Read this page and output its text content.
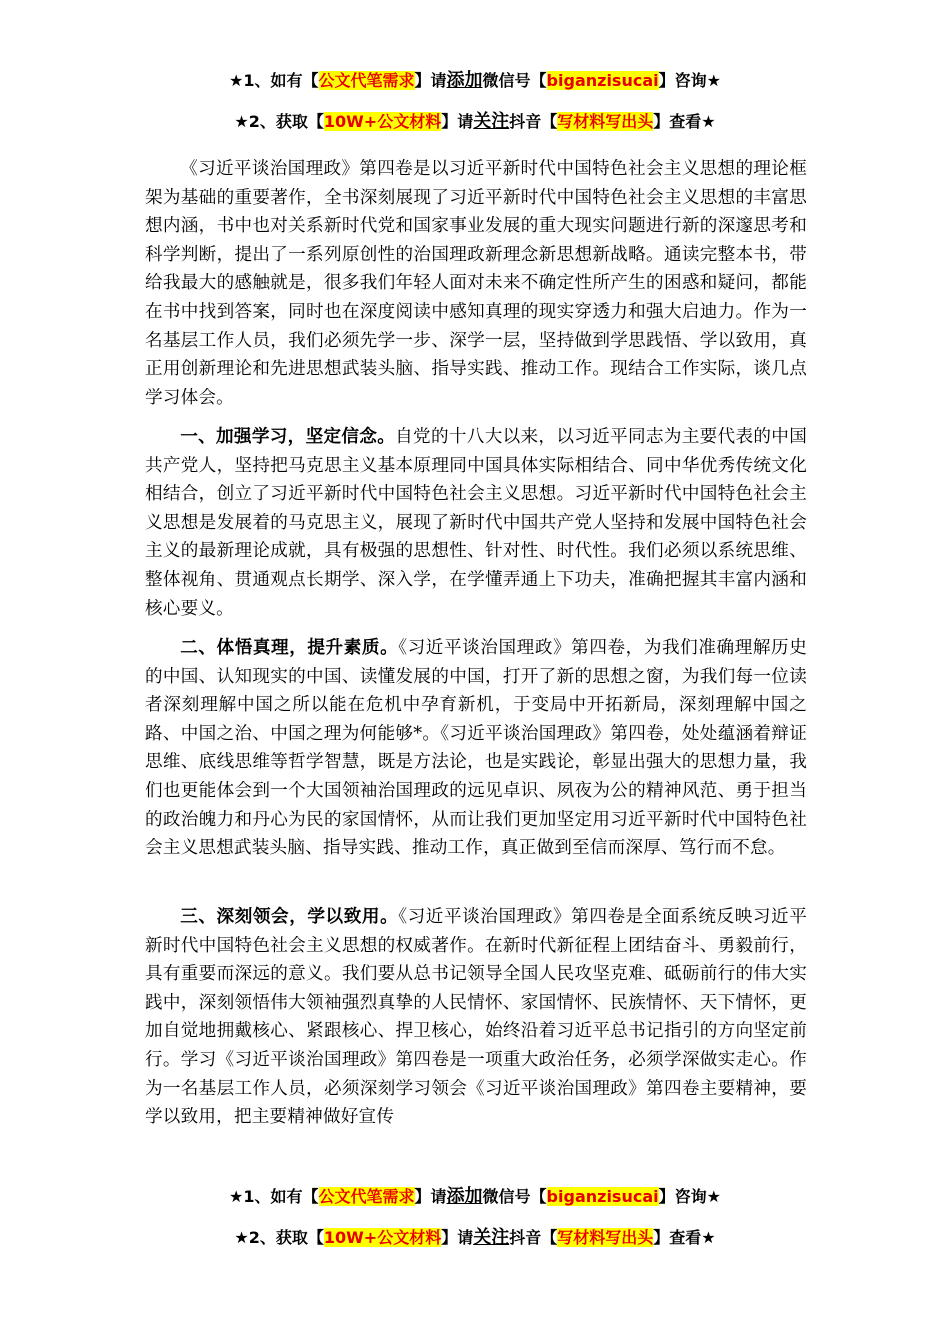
★1、如有【公文代笔需求】请添加微信号【biganzisucai】咨询★
★2、获取【10W+公文材料】请关注抖音【写材料写出头】查看★

《习近平谈治国理政》第四卷是以习近平新时代中国特色社会主义思想的理论框架为基础的重要著作，全书深刻展现了习近平新时代中国特色社会主义思想的丰富思想内涵，书中也对关系新时代党和国家事业发展的重大现实问题进行新的深邃思考和科学判断，提出了一系列原创性的治国理政新理念新思想新战略。通读完整本书，带给我最大的感触就是，很多我们年轻人面对未来不确定性所产生的困惑和疑问，都能在书中找到答案，同时也在深度阅读中感知真理的现实穿透力和强大启迪力。作为一名基层工作人员，我们必须先学一步、深学一层，坚持做到学思践悟、学以致用，真正用创新理论和先进思想武装头脑、指导实践、推动工作。现结合工作实际，谈几点学习体会。

一、加强学习，坚定信念。自党的十八大以来，以习近平同志为主要代表的中国共产党人，坚持把马克思主义基本原理同中国具体实际相结合、同中华优秀传统文化相结合，创立了习近平新时代中国特色社会主义思想。习近平新时代中国特色社会主义思想是发展着的马克思主义，展现了新时代中国共产党人坚持和发展中国特色社会主义的最新理论成就，具有极强的思想性、针对性、时代性。我们必须以系统思维、整体视角、贯通观点长期学、深入学，在学懂弄通上下功夫，准确把握其丰富内涵和核心要义。

二、体悟真理，提升素质。《习近平谈治国理政》第四卷，为我们准确理解历史的中国、认知现实的中国、读懂发展的中国，打开了新的思想之窗，为我们每一位读者深刻理解中国之所以能在危机中孕育新机，于变局中开拓新局，深刻理解中国之路、中国之治、中国之理为何能够*。《习近平谈治国理政》第四卷，处处蕴涵着辩证思维、底线思维等哲学智慧，既是方法论，也是实践论，彰显出强大的思想力量，我们也更能体会到一个大国领袖治国理政的远见卓识、夙夜为公的精神风范、勇于担当的政治魄力和丹心为民的家国情怀，从而让我们更加坚定用习近平新时代中国特色社会主义思想武装头脑、指导实践、推动工作，真正做到至信而深厚、笃行而不怠。

三、深刻领会，学以致用。《习近平谈治国理政》第四卷是全面系统反映习近平新时代中国特色社会主义思想的权威著作。在新时代新征程上团结奋斗、勇毅前行，具有重要而深远的意义。我们要从总书记领导全国人民攻坚克难、砥砺前行的伟大实践中，深刻领悟伟大领袖强烈真挚的人民情怀、家国情怀、民族情怀、天下情怀，更加自觉地拥戴核心、紧跟核心、捍卫核心，始终沿着习近平总书记指引的方向坚定前行。学习《习近平谈治国理政》第四卷是一项重大政治任务，必须学深做实走心。作为一名基层工作人员，必须深刻学习领会《习近平谈治国理政》第四卷主要精神，要学以致用，把主要精神做好宣传

★1、如有【公文代笔需求】请添加微信号【biganzisucai】咨询★
★2、获取【10W+公文材料】请关注抖音【写材料写出头】查看★
